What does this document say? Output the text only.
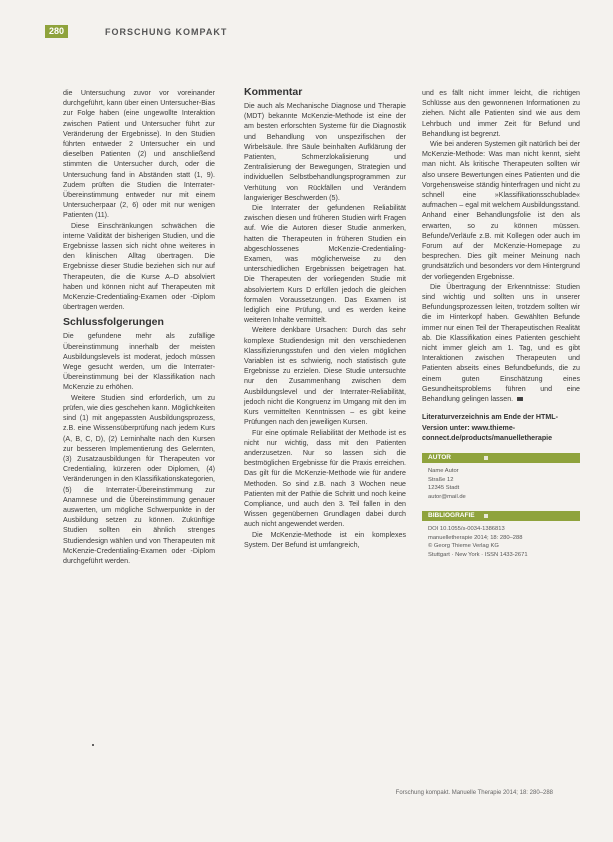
280	FORSCHUNG KOMPAKT

die Untersuchung zuvor vor voreinander durchgeführt, kann über einen Untersucher-Bias zur Folge haben (eine ungewollte Interaktion zwischen Patient und Untersucher führt zur Veränderung der Ergebnisse). In den Studien führten entweder 2 Untersucher ein und dieselben Patienten (2) und anschließend stimmten die Untersucher durch, oder die Untersuchung fand in Abständen statt (1, 9). Zudem prüften die Studien die Interrater-Übereinstimmung entweder nur mit einem Untersucherpaar (2, 6) oder mit nur wenigen Patienten (11).

Diese Einschränkungen schwächen die interne Validität der bisherigen Studien, und die Ergebnisse lassen sich nicht ohne weiteres in den klinischen Alltag übertragen. Die Ergebnisse dieser Studie beziehen sich nur auf Therapeuten, die die Kurse A–D absolviert haben und können nicht auf Therapeuten mit McKenzie-Credentialing-Examen oder -Diplom übertragen werden.

Schlussfolgerungen

Die gefundene mehr als zufällige Übereinstimmung innerhalb der meisten Ausbildungslevels ist moderat, jedoch müssen Wege gesucht werden, um die Interrater-Übereinstimmung bei der Klassifikation nach McKenzie zu erhöhen.

Weitere Studien sind erforderlich, um zu prüfen, wie dies geschehen kann. Möglichkeiten sind (1) mit angepassten Ausbildungsprozess, z.B. eine Wissensüberprüfung nach jedem Kurs (A, B, C, D), (2) Lerninhalte nach den Kursen zur besseren Implementierung des Gelernten, (3) Zusatzausbildungen für Therapeuten vor Credentialing, kürzeren oder Diplomen, (4) Veränderungen in den Klassifikationskategorien, (5) die Interrater-Übereinstimmung zur Anamnese und die Übereinstimmung genauer auswerten, um mögliche Schwerpunkte in der Ausbildung setzen zu können. Zukünftige Studien sollten ein ähnlich strenges Studiendesign wählen und von Therapeuten mit McKenzie-Credentialing-Examen oder -Diplom durchgeführt werden.

Kommentar

Die auch als Mechanische Diagnose und Therapie (MDT) bekannte McKenzie-Methode ist eine der am besten erforschten Systeme für die Diagnostik und Behandlung von unspezifischen der Wirbelsäule. Ihre Säule beinhalten Aufklärung der Patienten, Schmerzlokalisierung und Zentralisierung der Bewegungen, Strategien und individuellen Selbstbehandlungsprogrammen zur Verhütung von Rückfällen und Verändern langwieriger Beschwerden (5).

Die Interrater der gefundenen Reliabilität zwischen diesen und früheren Studien wirft Fragen auf. Wie die Autoren dieser Studie anmerken, hatten die Therapeuten in früheren Studien ein abgeschlossenes McKenzie-Credentialing-Examen, was möglicherweise zu den unterschiedlichen Ergebnissen beigetragen hat. Die Therapeuten der vorliegenden Studie mit absolviertem Kurs D erfüllen jedoch die gleichen formalen Voraussetzungen. Das Examen ist lediglich eine Prüfung, und es werden keine weiteren Inhalte vermittelt.

Weitere denkbare Ursachen: Durch das sehr komplexe Studiendesign mit den verschiedenen Klassifizierungsstufen und den vielen möglichen Variablen ist es schwierig, noch statistisch gute Ergebnisse zu erzielen. Diese Studie untersuchte nur den Zusammenhang zwischen dem Ausbildungslevel und der Interrater-Reliabilität, jedoch nicht die Kongruenz im Umgang mit den im Kurs vermittelten Kenntnissen – es gibt keine Prüfungen nach den jeweiligen Kursen.

Für eine optimale Reliabilität der Methode ist es nicht nur wichtig, dass mit den Patienten anderzusetzen. Nur so lassen sich die bestmöglichen Ergebnisse für die Praxis erreichen. Das gilt für die McKenzie-Methode wie für andere Methoden. So sind z.B. nach 3 Wochen neue Patienten mit der Pathie die Schritt und noch keine Compliance, und auch den 3. Teil fallen in den Wissen gegenübernen Grundlagen dabei durch auch nicht angewendet werden.

Die McKenzie-Methode ist ein komplexes System. Der Befund ist umfangreich,

und es fällt nicht immer leicht, die richtigen Schlüsse aus den gewonnenen Informationen zu ziehen. Nicht alle Patienten sind wie aus dem Lehrbuch und immer Zeit für Befund und Behandlung ist begrenzt.

Wie bei anderen Systemen gilt natürlich bei der McKenzie-Methode: Was man nicht kennt, sieht man nicht. Als kritische Therapeuten sollten wir also unsere Bewertungen eines Patienten und die Vorgehensweise ständig hinterfragen und nicht zu schnell eine »Klassifikationsschublade« aufmachen – egal mit welchem Ausbildungsstand. Anhand einer Behandlungsfolie ist den als erwarten, so zu können müssen. Befunde/Verläufe z.B. mit Kollegen oder auch im Forum auf der McKenzie-Homepage zu besprechen. Dies gilt meiner Meinung nach grundsätzlich und besonders vor dem Hintergrund der vorliegenden Ergebnisse.

Die Übertragung der Erkenntnisse: Studien sind wichtig und sollten uns in unserer Befundungsprozessen leiten, trotzdem sollten wir die im Hinterkopf haben. Gewählten Befunde immer nur einen Teil der Therapeutischen Realität ab. Die Klassifikation eines Patienten geschieht nicht immer gleich am 1. Tag, und es gibt Interaktionen zwischen Therapeuten und Patienten abseits eines Befundbefunds, die zu einem guten Einschätzung eines Gesundheitsproblems führen und eine Behandlung gelingen lassen.

Literaturverzeichnis am Ende der HTML-Version unter: www.thieme-connect.de/products/manuelletherapie
AUTOR
Name Autor
Straße 12
12345 Stadt
autor@mail.de
BIBLIOGRAFIE
DOI 10.1055/s-0034-1386813
manuelletherapie 2014; 18: 280–288
© Georg Thieme Verlag KG
Stuttgart · New York · ISSN 1433-2671
Forschung kompakt. Manuelle Therapie 2014; 18: 280–288
